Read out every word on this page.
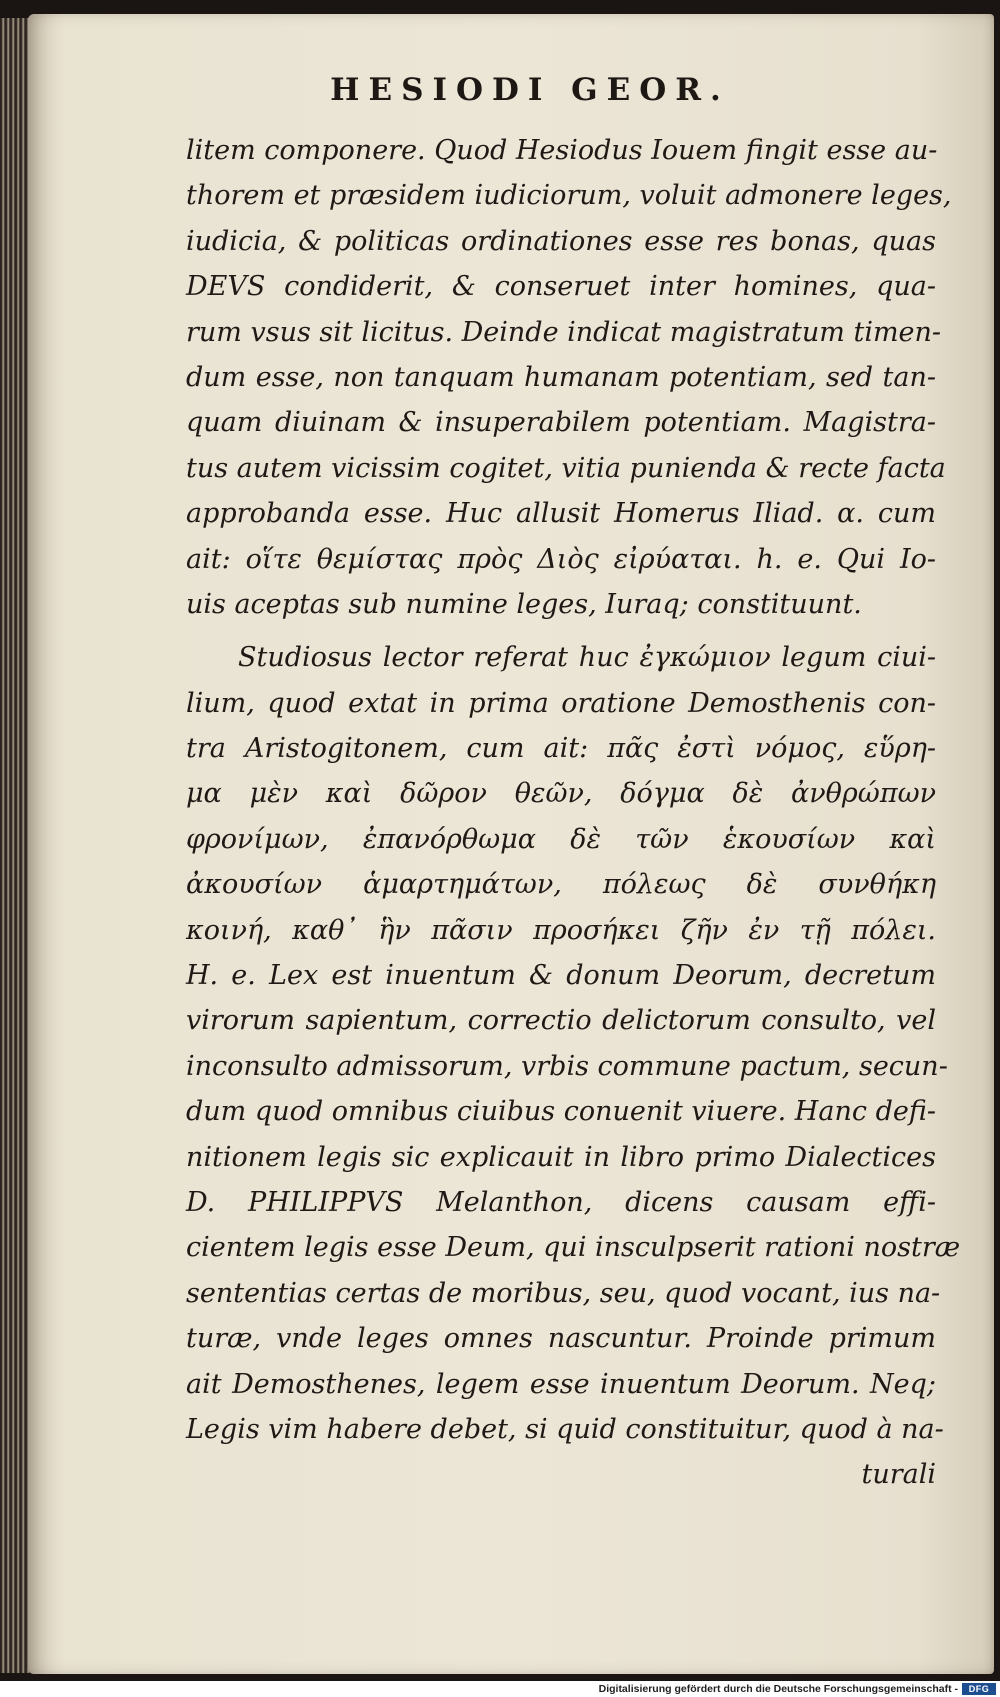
HESIODI GEOR.
litem componere. Quod Hesiodus Iouem fingit esse au-
thorem et præsidem iudiciorum, voluit admonere leges,
iudicia, & politicas ordinationes esse res bonas, quas
DEVS condiderit, & conseruet inter homines, qua-
rum vsus sit licitus. Deinde indicat magistratum timen-
dum esse, non tanquam humanam potentiam, sed tan-
quam diuinam & insuperabilem potentiam. Magistra-
tus autem vicissim cogitet, vitia punienda & recte facta
approbanda esse. Huc allusit Homerus Iliad. α. cum
ait: οἵτε θεμίστας πρὸς Διὸς εἰρύαται. h. e. Qui Io-
uis aceptas sub numine leges, Iuraq; constituunt.
Studiosus lector referat huc ἐγκώμιον legum ciui-
lium, quod extat in prima oratione Demosthenis con-
tra Aristogitonem, cum ait: πᾶς ἐστὶ νόμος, εὕρη-
μα μὲν καὶ δῶρον θεῶν, δόγμα δὲ ἀνθρώπων
φρονίμων, ἐπανόρθωμα δὲ τῶν ἑκουσίων καὶ
ἀκουσίων ἁμαρτημάτων, πόλεως δὲ συνθήκη
κοινή, καθ᾽ ἣν πᾶσιν προσήκει ζῆν ἐν τῇ πόλει.
H. e. Lex est inuentum & donum Deorum, decretum
virorum sapientum, correctio delictorum consulto, vel
inconsulto admissorum, vrbis commune pactum, secun-
dum quod omnibus ciuibus conuenit viuere. Hanc defi-
nitionem legis sic explicauit in libro primo Dialectices
D. PHILIPPVS Melanthon, dicens causam effi-
cientem legis esse Deum, qui insculpserit rationi nostræ
sententias certas de moribus, seu, quod vocant, ius na-
turæ, vnde leges omnes nascuntur. Proinde primum
ait Demosthenes, legem esse inuentum Deorum. Neq;
Legis vim habere debet, si quid constituitur, quod à na-
turali
Digitalisierung gefördert durch die Deutsche Forschungsgemeinschaft -	DFG
